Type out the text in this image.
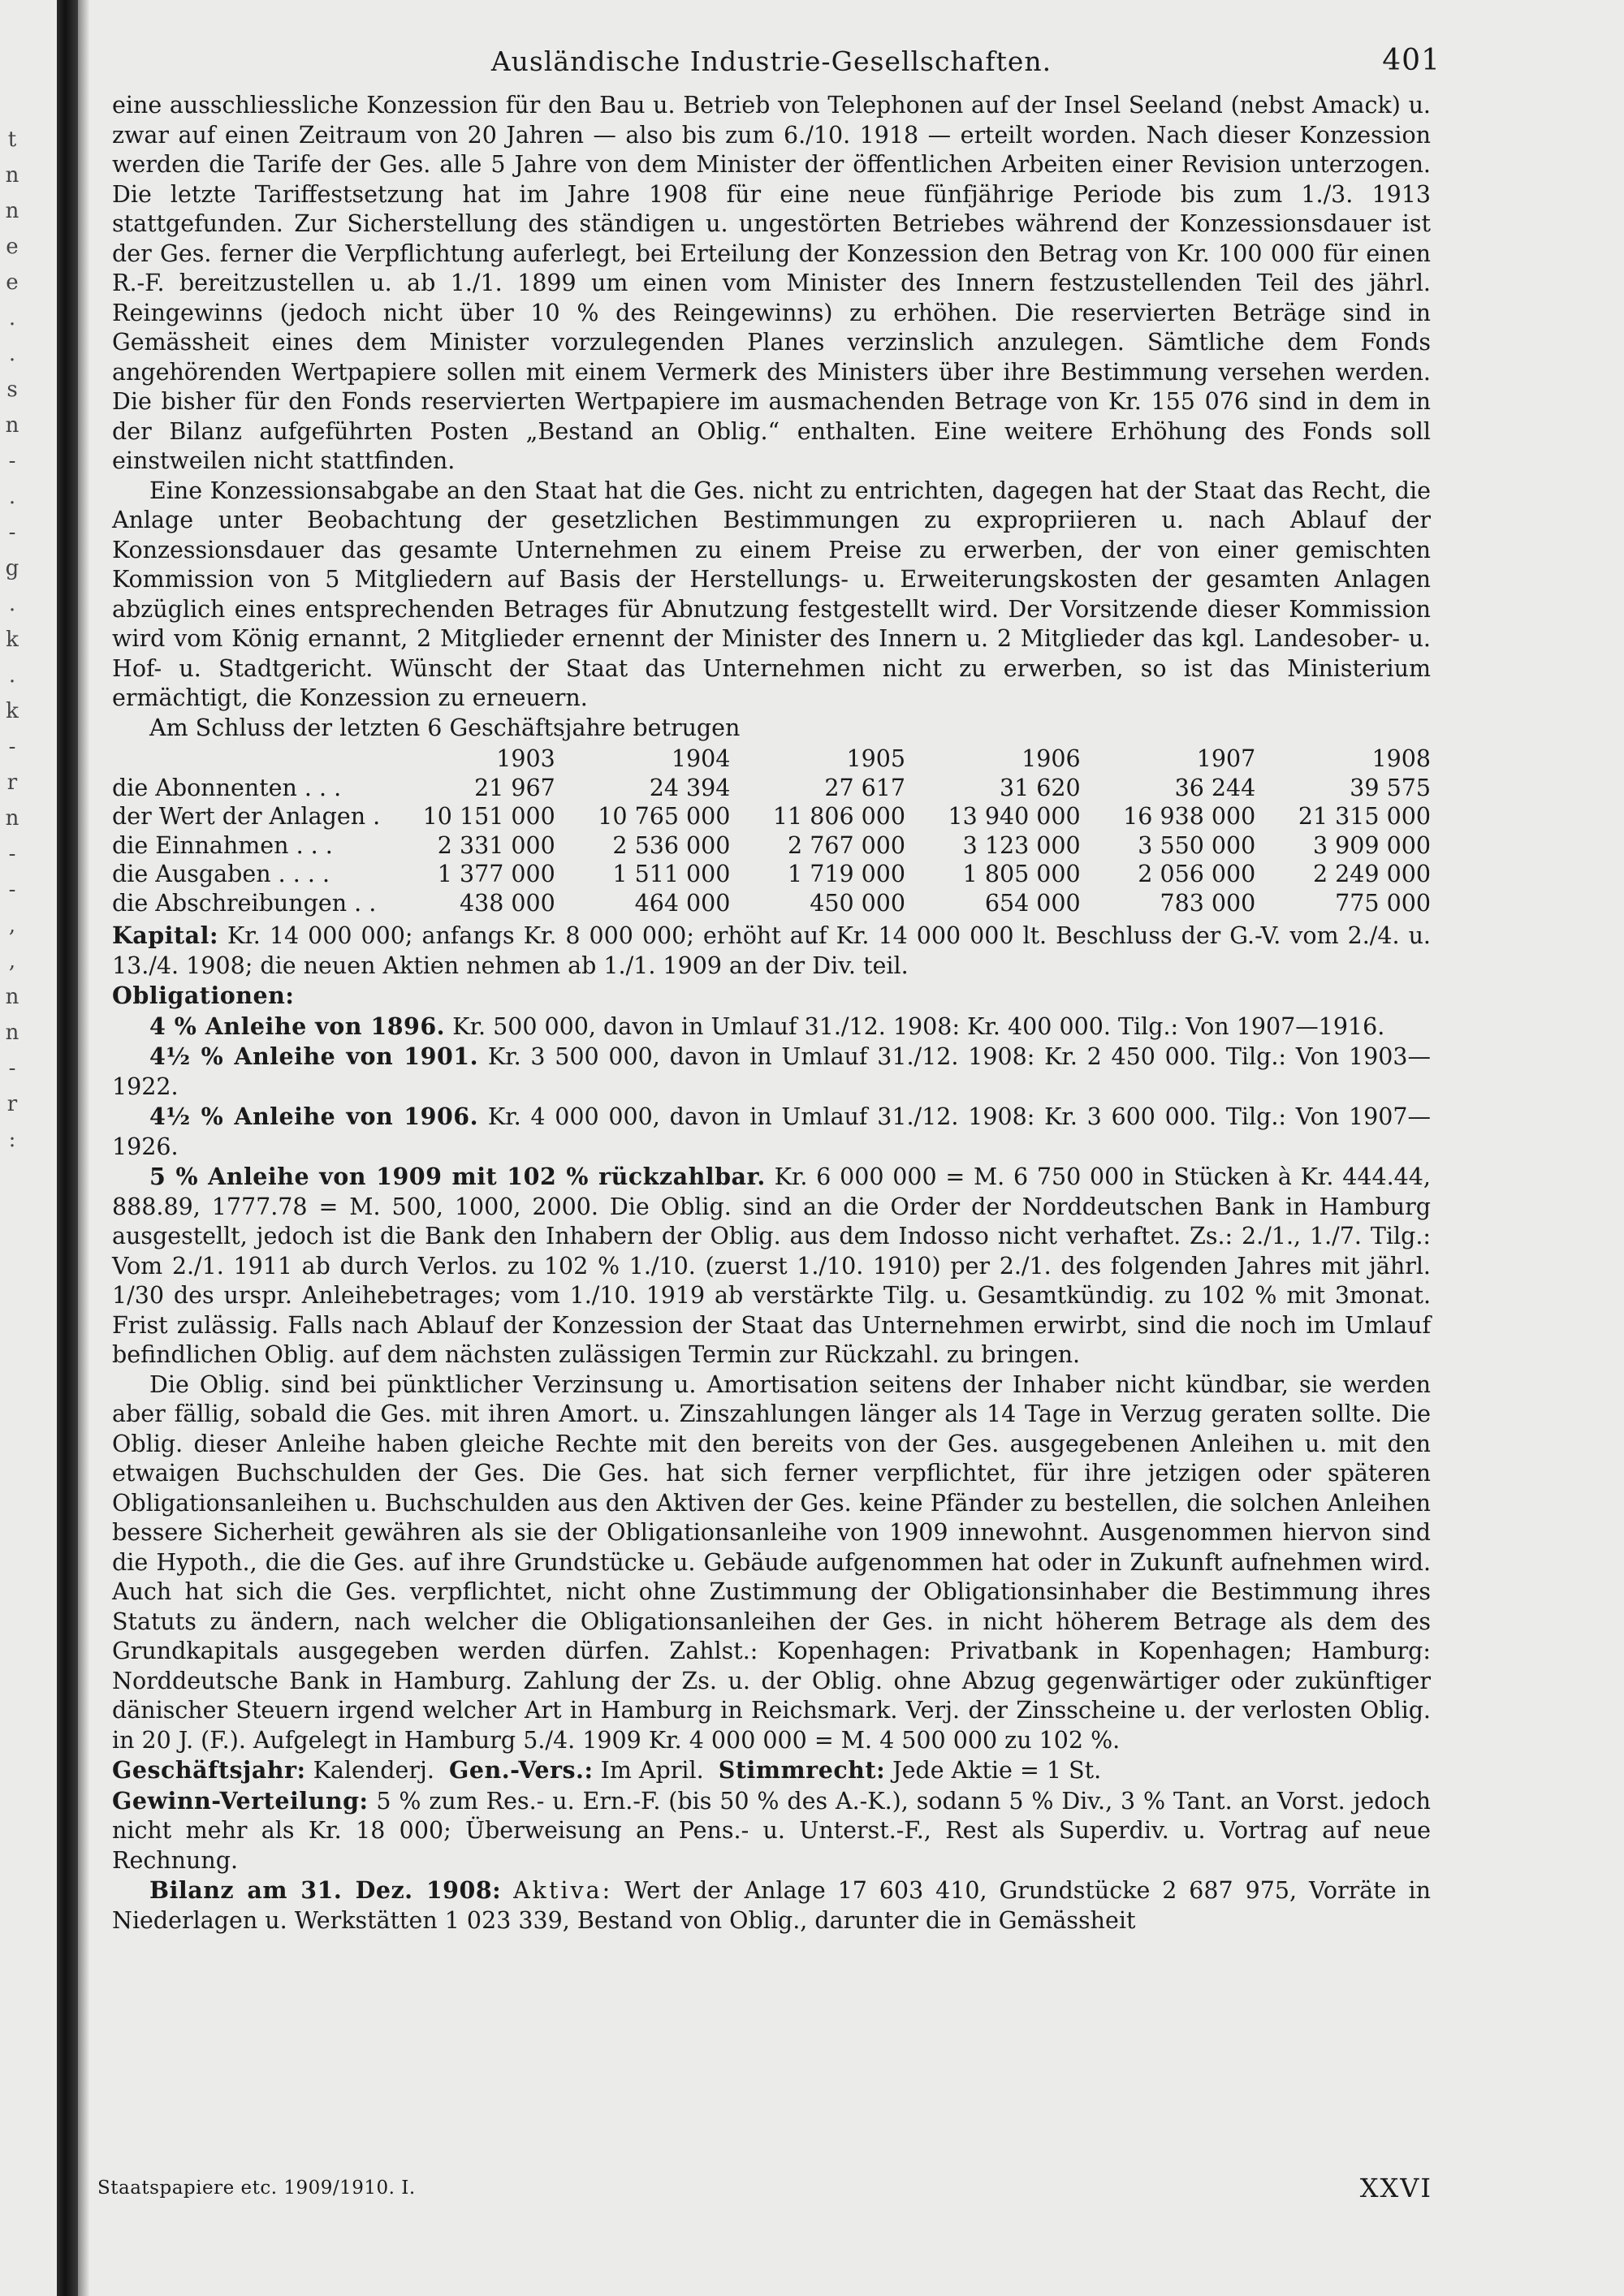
t
n
n
e
e
.
.
s
n
-
.
-
g
.
k
.
k
-
r
n
-
-
,
,
n
n
-
r
:
Ausländische Industrie-Gesellschaften.	401

eine ausschliessliche Konzession für den Bau u. Betrieb von Telephonen auf der Insel Seeland (nebst Amack) u. zwar auf einen Zeitraum von 20 Jahren — also bis zum 6./10. 1918 — erteilt worden. Nach dieser Konzession werden die Tarife der Ges. alle 5 Jahre von dem Minister der öffentlichen Arbeiten einer Revision unterzogen. Die letzte Tariffestsetzung hat im Jahre 1908 für eine neue fünfjährige Periode bis zum 1./3. 1913 stattgefunden. Zur Sicherstellung des ständigen u. ungestörten Betriebes während der Konzessionsdauer ist der Ges. ferner die Verpflichtung auferlegt, bei Erteilung der Konzession den Betrag von Kr. 100 000 für einen R.-F. bereitzustellen u. ab 1./1. 1899 um einen vom Minister des Innern festzustellenden Teil des jährl. Reingewinns (jedoch nicht über 10 % des Reingewinns) zu erhöhen. Die reservierten Beträge sind in Gemässheit eines dem Minister vorzulegenden Planes verzinslich anzulegen. Sämtliche dem Fonds angehörenden Wertpapiere sollen mit einem Vermerk des Ministers über ihre Bestimmung versehen werden. Die bisher für den Fonds reservierten Wertpapiere im ausmachenden Betrage von Kr. 155 076 sind in dem in der Bilanz aufgeführten Posten „Bestand an Oblig.“ enthalten. Eine weitere Erhöhung des Fonds soll einstweilen nicht stattfinden.

Eine Konzessionsabgabe an den Staat hat die Ges. nicht zu entrichten, dagegen hat der Staat das Recht, die Anlage unter Beobachtung der gesetzlichen Bestimmungen zu expropriieren u. nach Ablauf der Konzessionsdauer das gesamte Unternehmen zu einem Preise zu erwerben, der von einer gemischten Kommission von 5 Mitgliedern auf Basis der Herstellungs- u. Erweiterungskosten der gesamten Anlagen abzüglich eines entsprechenden Betrages für Abnutzung festgestellt wird. Der Vorsitzende dieser Kommission wird vom König ernannt, 2 Mitglieder ernennt der Minister des Innern u. 2 Mitglieder das kgl. Landesober- u. Hof- u. Stadtgericht. Wünscht der Staat das Unternehmen nicht zu erwerben, so ist das Ministerium ermächtigt, die Konzession zu erneuern.

Am Schluss der letzten 6 Geschäftsjahre betrugen

	1903	1904	1905	1906	1907	1908
die Abonnenten . . .	21 967	24 394	27 617	31 620	36 244	39 575
der Wert der Anlagen .	10 151 000	10 765 000	11 806 000	13 940 000	16 938 000	21 315 000
die Einnahmen . . .	2 331 000	2 536 000	2 767 000	3 123 000	3 550 000	3 909 000
die Ausgaben . . . .	1 377 000	1 511 000	1 719 000	1 805 000	2 056 000	2 249 000
die Abschreibungen . .	438 000	464 000	450 000	654 000	783 000	775 000

Kapital: Kr. 14 000 000; anfangs Kr. 8 000 000; erhöht auf Kr. 14 000 000 lt. Beschluss der G.-V. vom 2./4. u. 13./4. 1908; die neuen Aktien nehmen ab 1./1. 1909 an der Div. teil.

Obligationen:

4 % Anleihe von 1896. Kr. 500 000, davon in Umlauf 31./12. 1908: Kr. 400 000. Tilg.: Von 1907—1916.

4½ % Anleihe von 1901. Kr. 3 500 000, davon in Umlauf 31./12. 1908: Kr. 2 450 000. Tilg.: Von 1903—1922.

4½ % Anleihe von 1906. Kr. 4 000 000, davon in Umlauf 31./12. 1908: Kr. 3 600 000. Tilg.: Von 1907—1926.

5 % Anleihe von 1909 mit 102 % rückzahlbar. Kr. 6 000 000 = M. 6 750 000 in Stücken à Kr. 444.44, 888.89, 1777.78 = M. 500, 1000, 2000. Die Oblig. sind an die Order der Norddeutschen Bank in Hamburg ausgestellt, jedoch ist die Bank den Inhabern der Oblig. aus dem Indosso nicht verhaftet. Zs.: 2./1., 1./7. Tilg.: Vom 2./1. 1911 ab durch Verlos. zu 102 % 1./10. (zuerst 1./10. 1910) per 2./1. des folgenden Jahres mit jährl. 1/30 des urspr. Anleihebetrages; vom 1./10. 1919 ab verstärkte Tilg. u. Gesamtkündig. zu 102 % mit 3monat. Frist zulässig. Falls nach Ablauf der Konzession der Staat das Unternehmen erwirbt, sind die noch im Umlauf befindlichen Oblig. auf dem nächsten zulässigen Termin zur Rückzahl. zu bringen.

Die Oblig. sind bei pünktlicher Verzinsung u. Amortisation seitens der Inhaber nicht kündbar, sie werden aber fällig, sobald die Ges. mit ihren Amort. u. Zinszahlungen länger als 14 Tage in Verzug geraten sollte. Die Oblig. dieser Anleihe haben gleiche Rechte mit den bereits von der Ges. ausgegebenen Anleihen u. mit den etwaigen Buchschulden der Ges. Die Ges. hat sich ferner verpflichtet, für ihre jetzigen oder späteren Obligationsanleihen u. Buchschulden aus den Aktiven der Ges. keine Pfänder zu bestellen, die solchen Anleihen bessere Sicherheit gewähren als sie der Obligationsanleihe von 1909 innewohnt. Ausgenommen hiervon sind die Hypoth., die die Ges. auf ihre Grundstücke u. Gebäude aufgenommen hat oder in Zukunft aufnehmen wird. Auch hat sich die Ges. verpflichtet, nicht ohne Zustimmung der Obligationsinhaber die Bestimmung ihres Statuts zu ändern, nach welcher die Obligationsanleihen der Ges. in nicht höherem Betrage als dem des Grundkapitals ausgegeben werden dürfen. Zahlst.: Kopenhagen: Privatbank in Kopenhagen; Hamburg: Norddeutsche Bank in Hamburg. Zahlung der Zs. u. der Oblig. ohne Abzug gegenwärtiger oder zukünftiger dänischer Steuern irgend welcher Art in Hamburg in Reichsmark. Verj. der Zinsscheine u. der verlosten Oblig. in 20 J. (F.). Aufgelegt in Hamburg 5./4. 1909 Kr. 4 000 000 = M. 4 500 000 zu 102 %.

Geschäftsjahr: Kalenderj. Gen.-Vers.: Im April. Stimmrecht: Jede Aktie = 1 St.

Gewinn-Verteilung: 5 % zum Res.- u. Ern.-F. (bis 50 % des A.-K.), sodann 5 % Div., 3 % Tant. an Vorst. jedoch nicht mehr als Kr. 18 000; Überweisung an Pens.- u. Unterst.-F., Rest als Superdiv. u. Vortrag auf neue Rechnung.

Bilanz am 31. Dez. 1908: Aktiva: Wert der Anlage 17 603 410, Grundstücke 2 687 975, Vorräte in Niederlagen u. Werkstätten 1 023 339, Bestand von Oblig., darunter die in Gemässheit

Staatspapiere etc. 1909/1910. I.	XXVI
